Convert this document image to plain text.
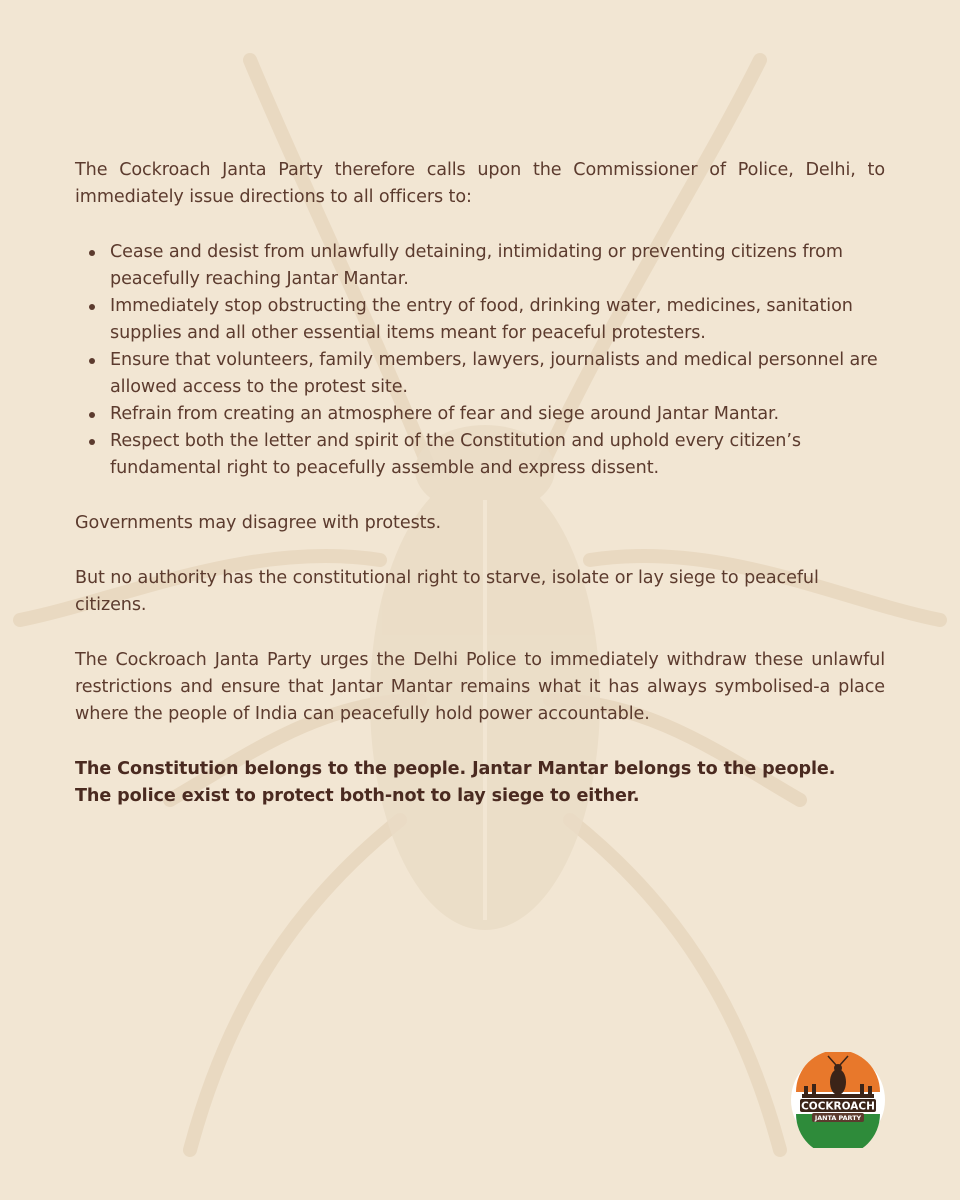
The Cockroach Janta Party therefore calls upon the Commissioner of Police, Delhi, to immediately issue directions to all officers to:

Cease and desist from unlawfully detaining, intimidating or preventing citizens from peacefully reaching Jantar Mantar.
Immediately stop obstructing the entry of food, drinking water, medicines, sanitation supplies and all other essential items meant for peaceful protesters.
Ensure that volunteers, family members, lawyers, journalists and medical personnel are allowed access to the protest site.
Refrain from creating an atmosphere of fear and siege around Jantar Mantar.
Respect both the letter and spirit of the Constitution and uphold every citizen’s fundamental right to peacefully assemble and express dissent.

Governments may disagree with protests.

But no authority has the constitutional right to starve, isolate or lay siege to peaceful citizens.

The Cockroach Janta Party urges the Delhi Police to immediately withdraw these unlawful restrictions and ensure that Jantar Mantar remains what it has always symbolised-a place where the people of India can peacefully hold power accountable.

The Constitution belongs to the people. Jantar Mantar belongs to the people.

The police exist to protect both-not to lay siege to either.

COCKROACH
JANTA PARTY
